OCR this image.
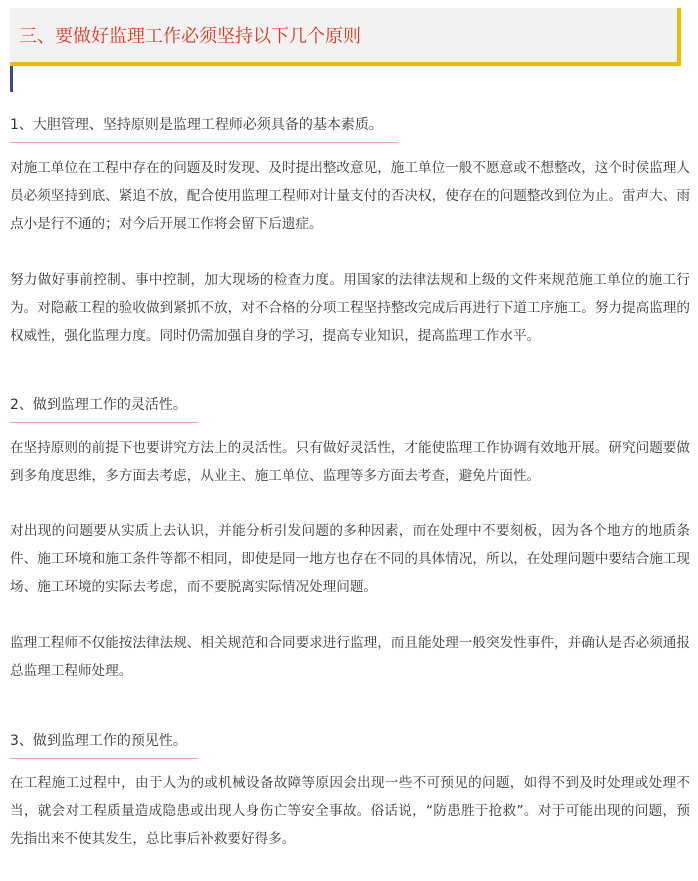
三、要做好监理工作必须坚持以下几个原则
1、大胆管理、坚持原则是监理工程师必须具备的基本素质。

对施工单位在工程中存在的问题及时发现、及时提出整改意见，施工单位一般不愿意或不想整改，这个时侯监理人员必须坚持到底、紧追不放，配合使用监理工程师对计量支付的否决权，使存在的问题整改到位为止。雷声大、雨点小是行不通的；对今后开展工作将会留下后遗症。

努力做好事前控制、事中控制，加大现场的检查力度。用国家的法律法规和上级的文件来规范施工单位的施工行为。对隐蔽工程的验收做到紧抓不放，对不合格的分项工程坚持整改完成后再进行下道工序施工。努力提高监理的权威性，强化监理力度。同时仍需加强自身的学习，提高专业知识，提高监理工作水平。

2、做到监理工作的灵活性。

在坚持原则的前提下也要讲究方法上的灵活性。只有做好灵活性，才能使监理工作协调有效地开展。研究问题要做到多角度思维，多方面去考虑，从业主、施工单位、监理等多方面去考查，避免片面性。

对出现的问题要从实质上去认识，并能分析引发问题的多种因素，而在处理中不要刻板，因为各个地方的地质条件、施工环境和施工条件等都不相同，即使是同一地方也存在不同的具体情况，所以，在处理问题中要结合施工现场、施工环境的实际去考虑，而不要脱离实际情况处理问题。

监理工程师不仅能按法律法规、相关规范和合同要求进行监理，而且能处理一般突发性事件，并确认是否必须通报总监理工程师处理。

3、做到监理工作的预见性。

在工程施工过程中，由于人为的或机械设备故障等原因会出现一些不可预见的问题，如得不到及时处理或处理不当，就会对工程质量造成隐患或出现人身伤亡等安全事故。俗话说，“防患胜于抢救”。对于可能出现的问题，预先指出来不使其发生，总比事后补救要好得多。
